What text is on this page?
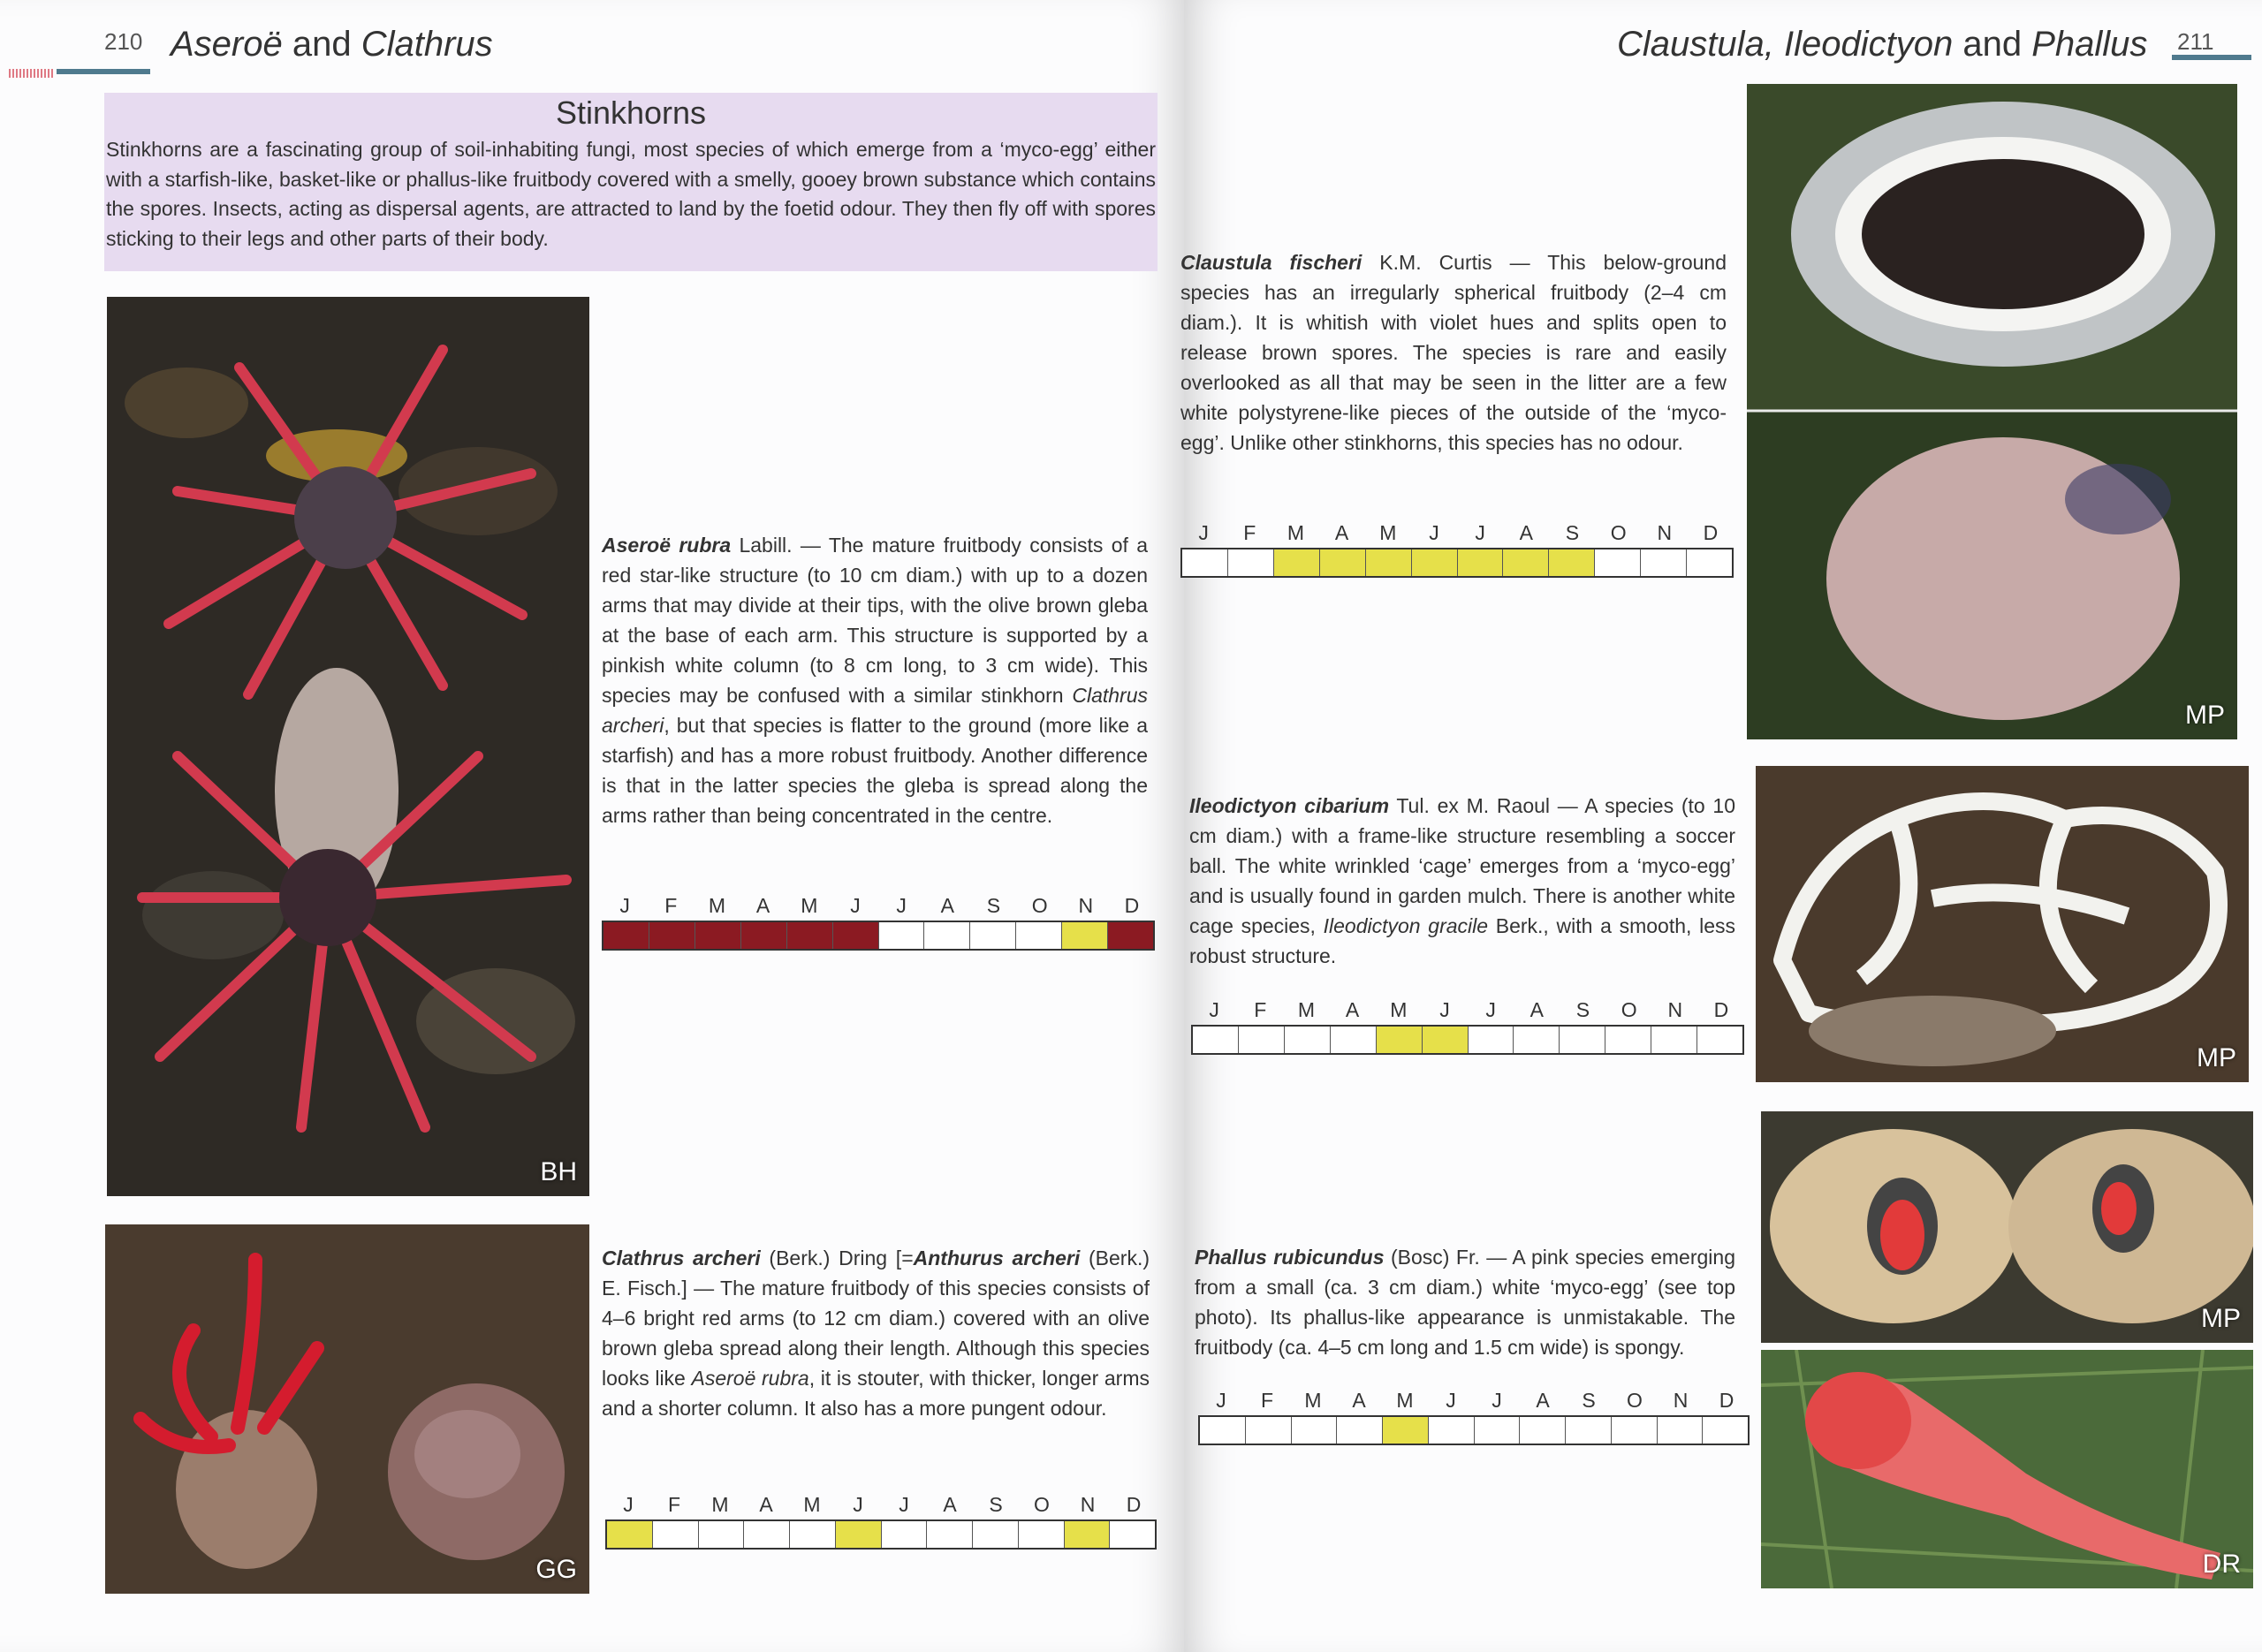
210 Aseroë and Clathrus
Stinkhorns

Stinkhorns are a fascinating group of soil-inhabiting fungi, most species of which emerge from a ‘myco-egg’ either with a starfish-like, basket-like or phallus-like fruitbody covered with a smelly, gooey brown substance which contains the spores. Insects, acting as dispersal agents, are attracted to land by the foetid odour. They then fly off with spores sticking to their legs and other parts of their body.

BH
GG
Aseroë rubra Labill. — The mature fruitbody consists of a red star-like structure (to 10 cm diam.) with up to a dozen arms that may divide at their tips, with the olive brown gleba at the base of each arm. This structure is supported by a pinkish white column (to 8 cm long, to 3 cm wide). This species may be confused with a similar stinkhorn Clathrus archeri, but that species is flatter to the ground (more like a starfish) and has a more robust fruitbody. Another difference is that in the latter species the gleba is spread along the arms rather than being concentrated in the centre.
J	F	M	A	M	J	J	A	S	O	N	D
Clathrus archeri (Berk.) Dring [=Anthurus archeri (Berk.) E. Fisch.] — The mature fruitbody of this species consists of 4–6 bright red arms (to 12 cm diam.) covered with an olive brown gleba spread along their length. Although this species looks like Aseroë rubra, it is stouter, with thicker, longer arms and a shorter column. It also has a more pungent odour.
J	F	M	A	M	J	J	A	S	O	N	D
Claustula, Ileodictyon and Phallus 211
MP
MP
MP
DR
Claustula fischeri K.M. Curtis — This below-ground species has an irregularly spherical fruitbody (2–4 cm diam.). It is whitish with violet hues and splits open to release brown spores. The species is rare and easily overlooked as all that may be seen in the litter are a few white polystyrene-like pieces of the outside of the ‘myco-egg’. Unlike other stinkhorns, this species has no odour.
J	F	M	A	M	J	J	A	S	O	N	D
Ileodictyon cibarium Tul. ex M. Raoul — A species (to 10 cm diam.) with a frame-like structure resembling a soccer ball. The white wrinkled ‘cage’ emerges from a ‘myco-egg’ and is usually found in garden mulch. There is another white cage species, Ileodictyon gracile Berk., with a smooth, less robust structure.
J	F	M	A	M	J	J	A	S	O	N	D
Phallus rubicundus (Bosc) Fr. — A pink species emerging from a small (ca. 3 cm diam.) white ‘myco-egg’ (see top photo). Its phallus-like appearance is unmistakable. The fruitbody (ca. 4–5 cm long and 1.5 cm wide) is spongy.
J	F	M	A	M	J	J	A	S	O	N	D
